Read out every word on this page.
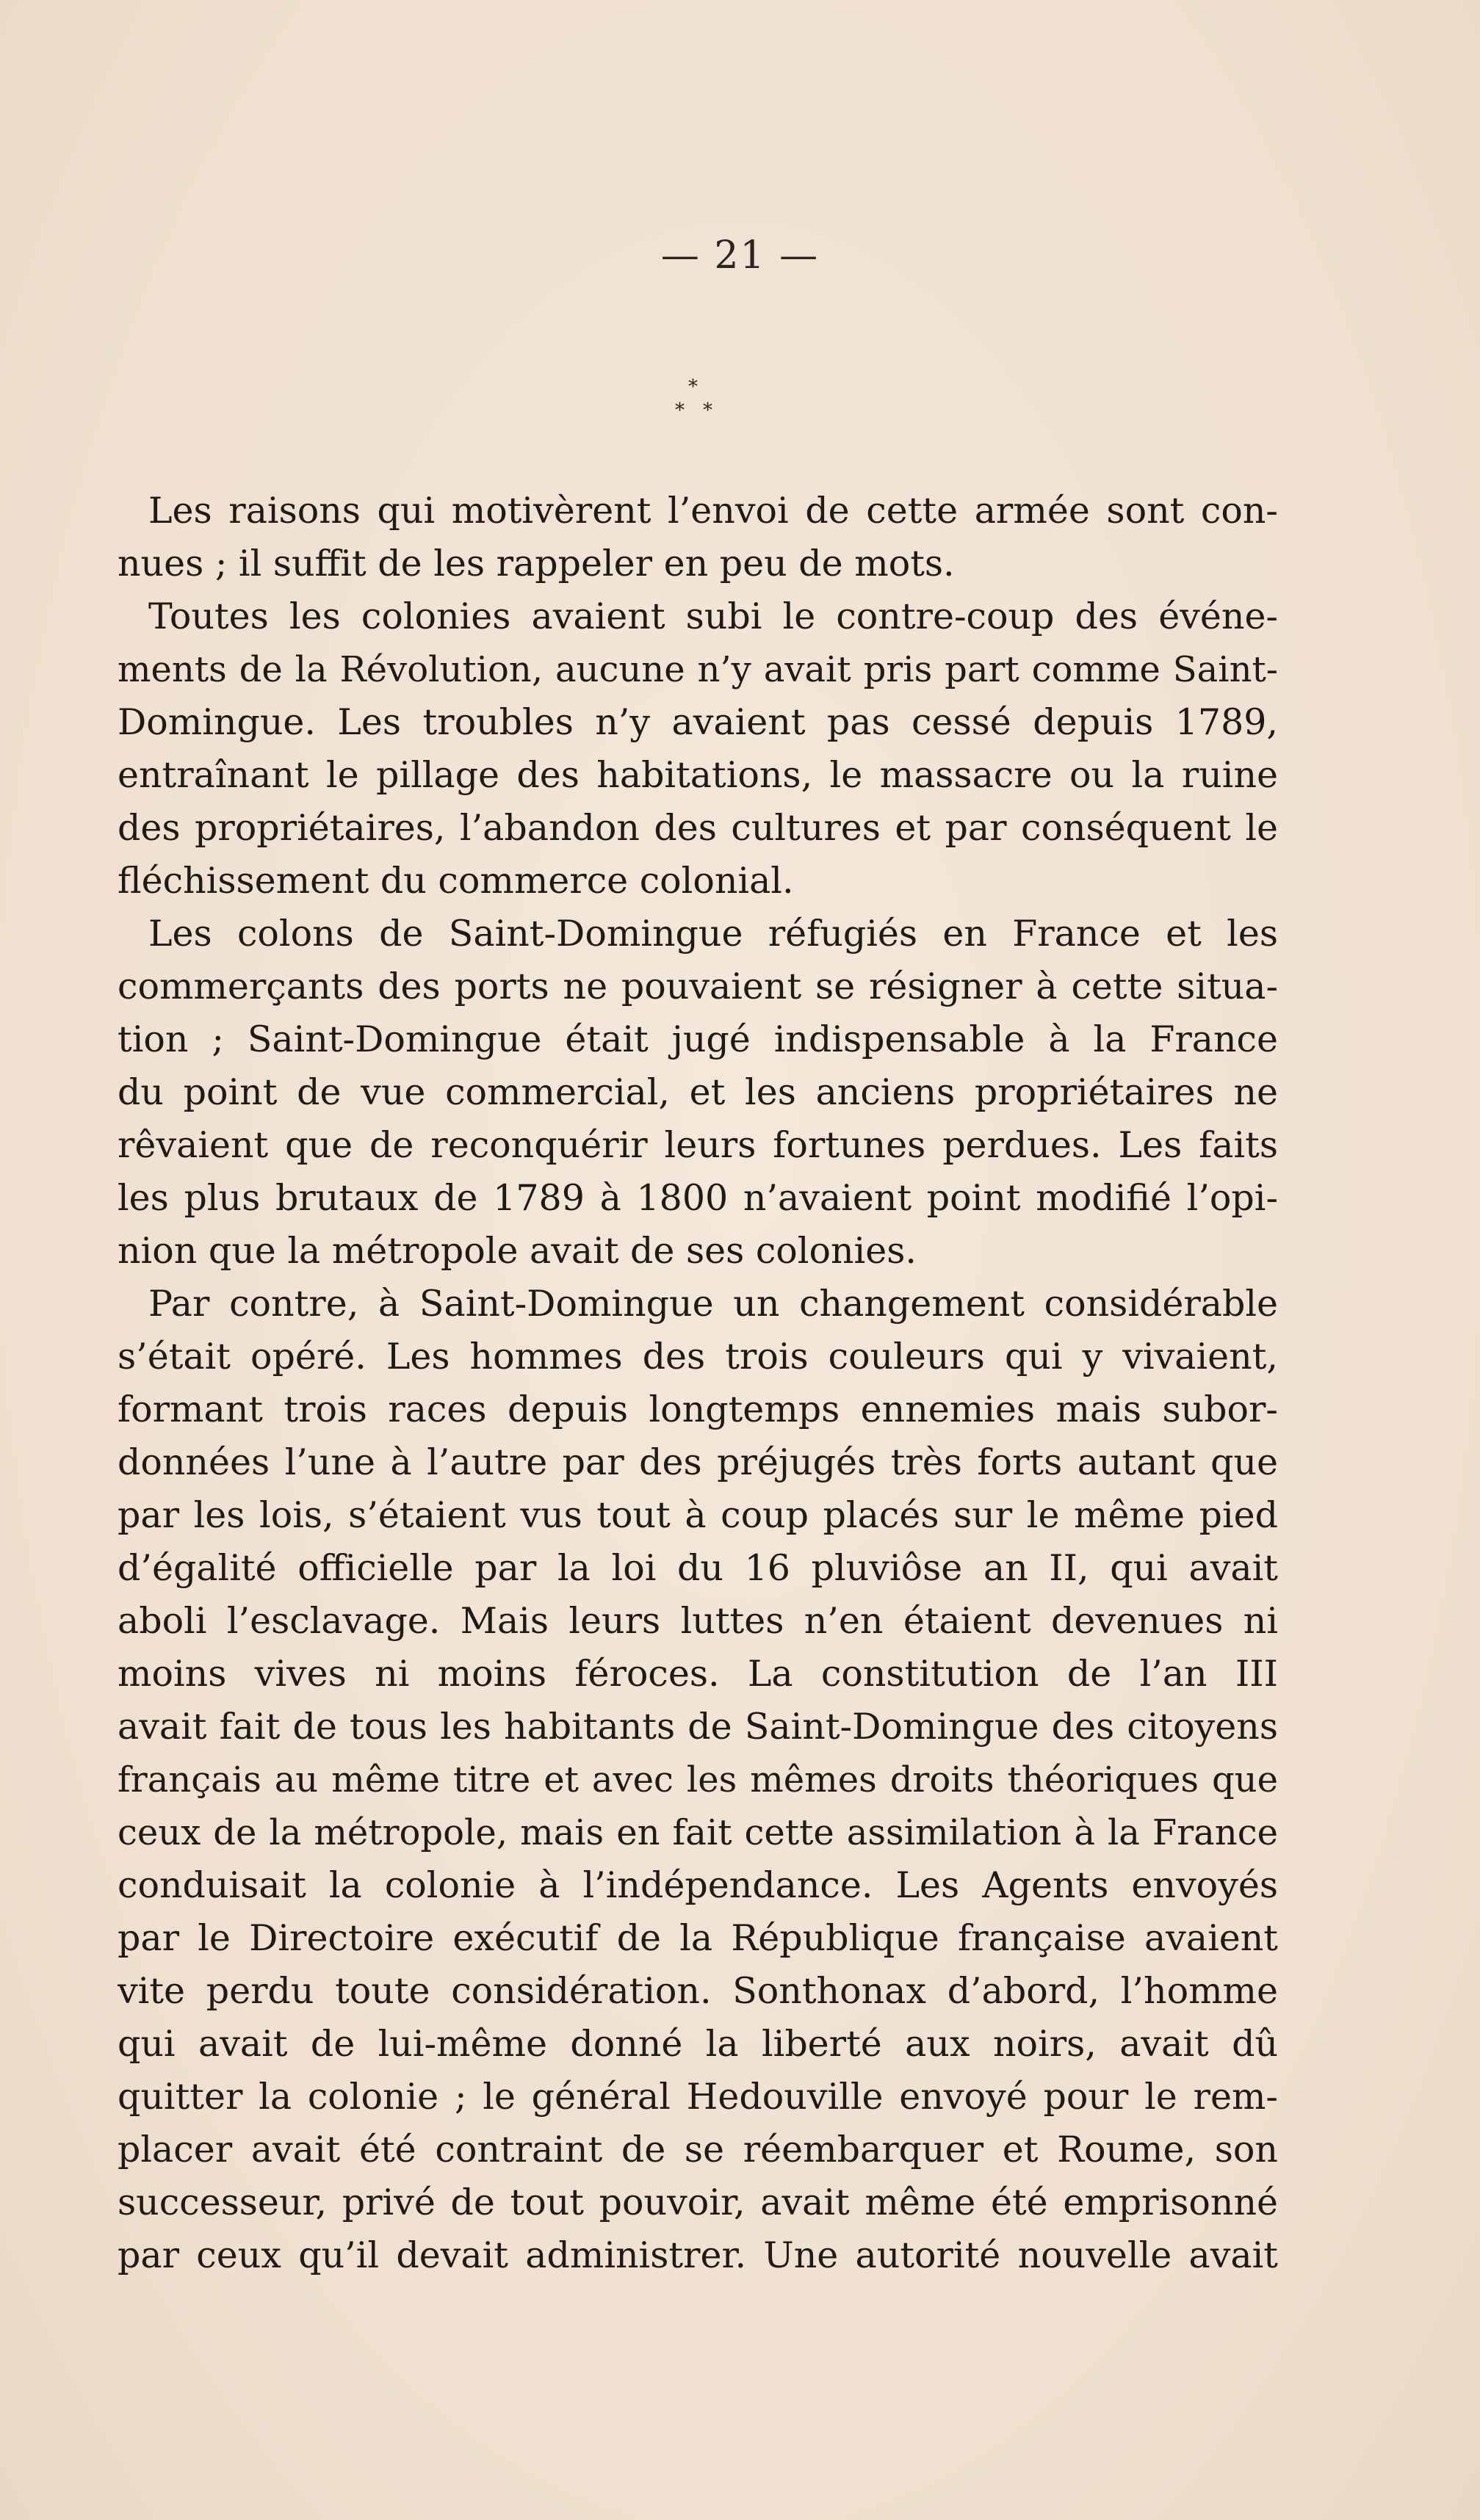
— 21 —
*
* *
Les raisons qui motivèrent l’envoi de cette armée sont con-
nues ; il suffit de les rappeler en peu de mots.
Toutes les colonies avaient subi le contre-coup des événe-
ments de la Révolution, aucune n’y avait pris part comme Saint-
Domingue. Les troubles n’y avaient pas cessé depuis 1789,
entraînant le pillage des habitations, le massacre ou la ruine
des propriétaires, l’abandon des cultures et par conséquent le
fléchissement du commerce colonial.
Les colons de Saint-Domingue réfugiés en France et les
commerçants des ports ne pouvaient se résigner à cette situa-
tion ; Saint-Domingue était jugé indispensable à la France
du point de vue commercial, et les anciens propriétaires ne
rêvaient que de reconquérir leurs fortunes perdues. Les faits
les plus brutaux de 1789 à 1800 n’avaient point modifié l’opi-
nion que la métropole avait de ses colonies.
Par contre, à Saint-Domingue un changement considérable
s’était opéré. Les hommes des trois couleurs qui y vivaient,
formant trois races depuis longtemps ennemies mais subor-
données l’une à l’autre par des préjugés très forts autant que
par les lois, s’étaient vus tout à coup placés sur le même pied
d’égalité officielle par la loi du 16 pluviôse an II, qui avait
aboli l’esclavage. Mais leurs luttes n’en étaient devenues ni
moins vives ni moins féroces. La constitution de l’an III
avait fait de tous les habitants de Saint-Domingue des citoyens
français au même titre et avec les mêmes droits théoriques que
ceux de la métropole, mais en fait cette assimilation à la France
conduisait la colonie à l’indépendance. Les Agents envoyés
par le Directoire exécutif de la République française avaient
vite perdu toute considération. Sonthonax d’abord, l’homme
qui avait de lui-même donné la liberté aux noirs, avait dû
quitter la colonie ; le général Hedouville envoyé pour le rem-
placer avait été contraint de se réembarquer et Roume, son
successeur, privé de tout pouvoir, avait même été emprisonné
par ceux qu’il devait administrer. Une autorité nouvelle avait
